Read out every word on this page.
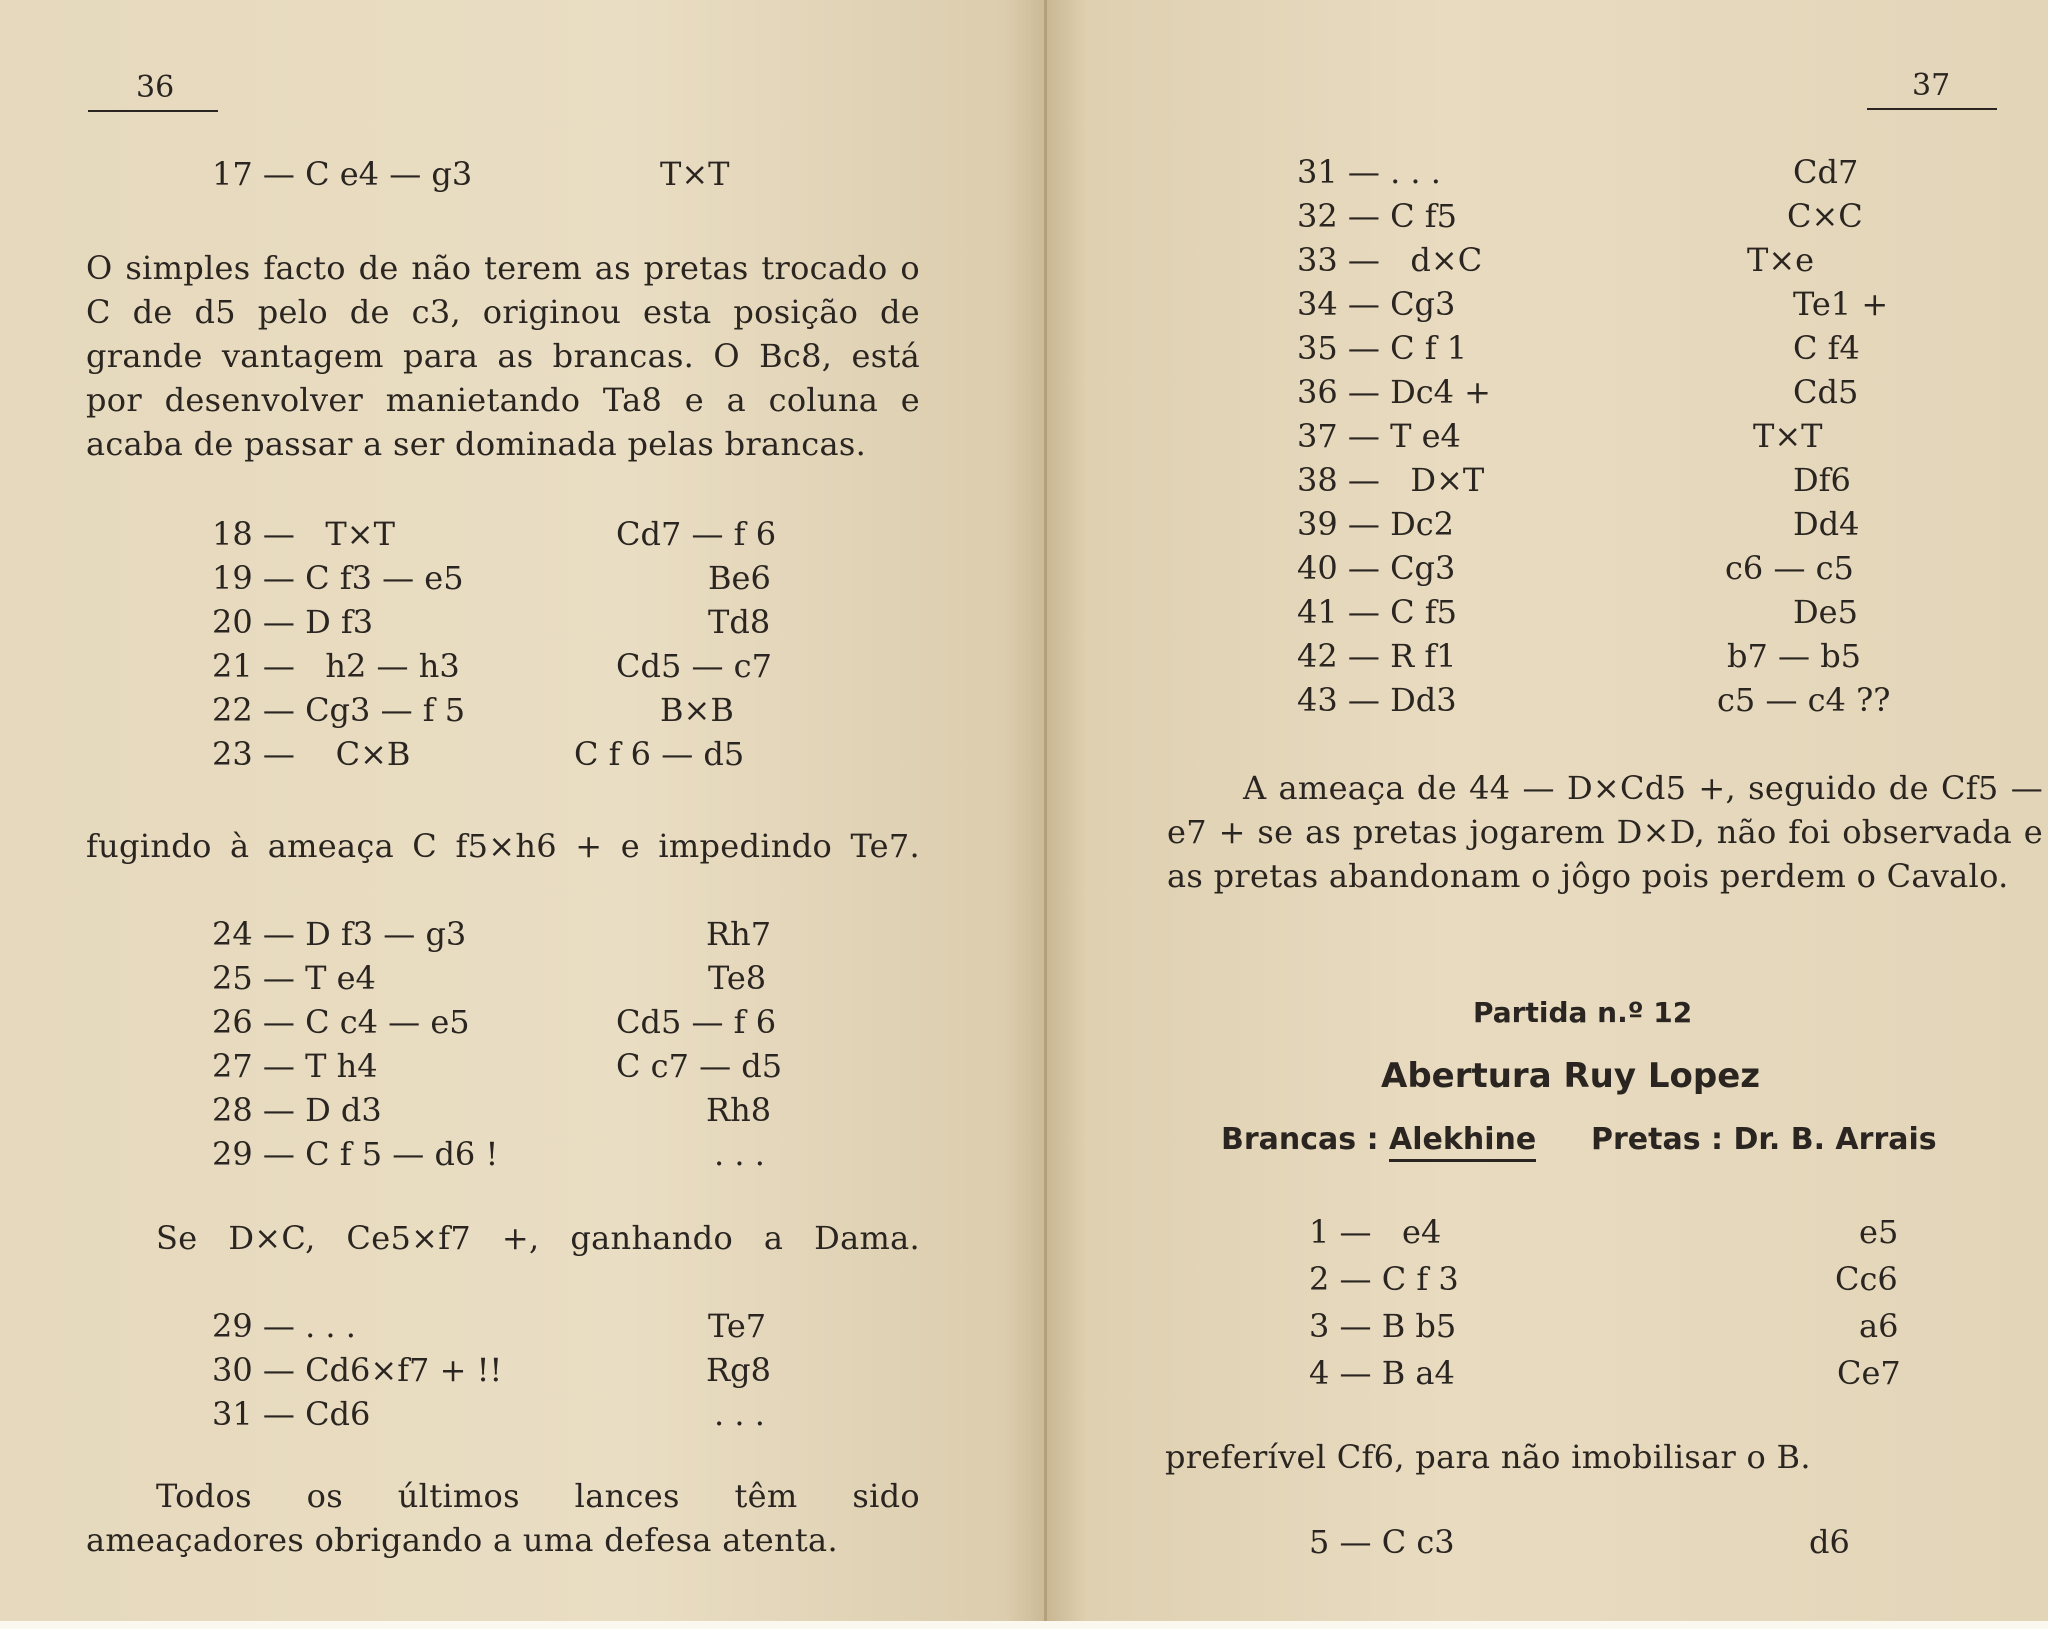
36
17 — C e4 — g3	T×T
O simples facto de não terem as pretas trocado o C de d5 pelo de c3, originou esta posição de grande vantagem para as brancas. O Bc8, está por desenvolver manietando Ta8 e a coluna e acaba de passar a ser dominada pelas brancas.
18 —   T×T	Cd7 — f 6
19 — C f3 — e5	Be6
20 — D f3	Td8
21 —   h2 — h3	Cd5 — c7
22 — Cg3 — f 5	B×B
23 —    C×B	C f 6 — d5
fugindo à ameaça C f5×h6 + e impedindo Te7.
24 — D f3 — g3	Rh7
25 — T e4	Te8
26 — C c4 — e5	Cd5 — f 6
27 — T h4	C c7 — d5
28 — D d3	Rh8
29 — C f 5 — d6 !	. . .
Se D×C, Ce5×f7 +, ganhando a Dama.
29 — . . .	Te7
30 — Cd6×f7 + !!	Rg8
31 — Cd6	. . .
Todos os últimos lances têm sido ameaçadores obrigando a uma defesa atenta.
37
31 — . . .	Cd7
32 — C f5	C×C
33 —   d×C	T×e
34 — Cg3	Te1 +
35 — C f 1	C f4
36 — Dc4 +	Cd5
37 — T e4	T×T
38 —   D×T	Df6
39 — Dc2	Dd4
40 — Cg3	c6 — c5
41 — C f5	De5
42 — R f1	b7 — b5
43 — Dd3	c5 — c4 ??
A ameaça de 44 — D×Cd5 +, seguido de Cf5 — e7 + se as pretas jogarem D×D, não foi observada e as pretas abandonam o jôgo pois perdem o Cavalo.
Partida n.º 12
Abertura Ruy Lopez
Brancas : Alekhine Pretas : Dr. B. Arrais
1 —   e4	e5
2 — C f 3	Cc6
3 — B b5	a6
4 — B a4	Ce7
preferível Cf6, para não imobilisar o B.
5 — C c3	d6
